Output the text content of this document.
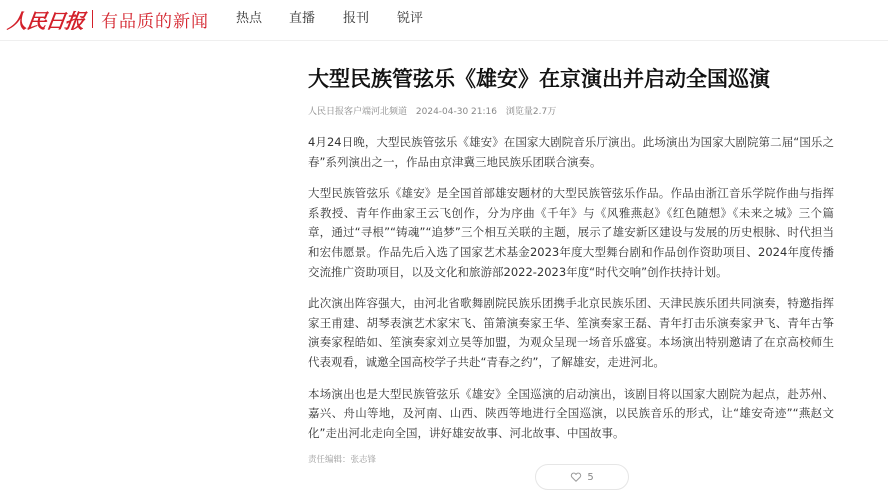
人民日报 有品质的新闻 热点 直播 报刊 锐评
大型民族管弦乐《雄安》在京演出并启动全国巡演
人民日报客户端河北频道 2024-04-30 21:16 浏览量2.7万

4月24日晚，大型民族管弦乐《雄安》在国家大剧院音乐厅演出。此场演出为国家大剧院第二届“国乐之春”系列演出之一，作品由京津冀三地民族乐团联合演奏。

大型民族管弦乐《雄安》是全国首部雄安题材的大型民族管弦乐作品。作品由浙江音乐学院作曲与指挥系教授、青年作曲家王云飞创作，分为序曲《千年》与《风雅燕赵》《红色随想》《未来之城》三个篇章，通过“寻根”“铸魂”“追梦”三个相互关联的主题，展示了雄安新区建设与发展的历史根脉、时代担当和宏伟愿景。作品先后入选了国家艺术基金2023年度大型舞台剧和作品创作资助项目、2024年度传播交流推广资助项目，以及文化和旅游部2022-2023年度“时代交响”创作扶持计划。

此次演出阵容强大，由河北省歌舞剧院民族乐团携手北京民族乐团、天津民族乐团共同演奏，特邀指挥家王甫建、胡琴表演艺术家宋飞、笛箫演奏家王华、笙演奏家王磊、青年打击乐演奏家尹飞、青年古筝演奏家程皓如、笙演奏家刘立昊等加盟，为观众呈现一场音乐盛宴。本场演出特别邀请了在京高校师生代表观看，诚邀全国高校学子共赴“青春之约”，了解雄安，走进河北。

本场演出也是大型民族管弦乐《雄安》全国巡演的启动演出，该剧目将以国家大剧院为起点，赴苏州、嘉兴、舟山等地，及河南、山西、陕西等地进行全国巡演，以民族音乐的形式，让“雄安奇迹”“燕赵文化”走出河北走向全国，讲好雄安故事、河北故事、中国故事。

责任编辑：张志锋
5
